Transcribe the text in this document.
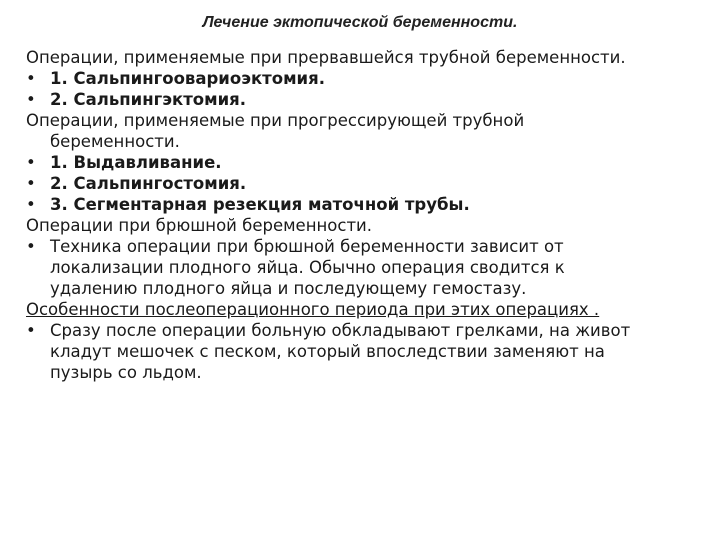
Лечение эктопической беременности.
Операции, применяемые при прервавшейся трубной беременности.
• 1. Сальпингоовариоэктомия.
• 2. Сальпингэктомия.
Операции, применяемые при прогрессирующей трубной беременности.
• 1. Выдавливание.
• 2. Сальпингостомия.
• 3. Сегментарная резекция маточной трубы.
Операции при брюшной беременности.
• Техника операции при брюшной беременности зависит от локализации плодного яйца. Обычно операция сводится к удалению плодного яйца и последующему гемостазу.
Особенности послеоперационного периода при этих операциях .
• Сразу после операции больную обкладывают грелками, на живот кладут мешочек с песком, который впоследствии заменяют на пузырь со льдом.
